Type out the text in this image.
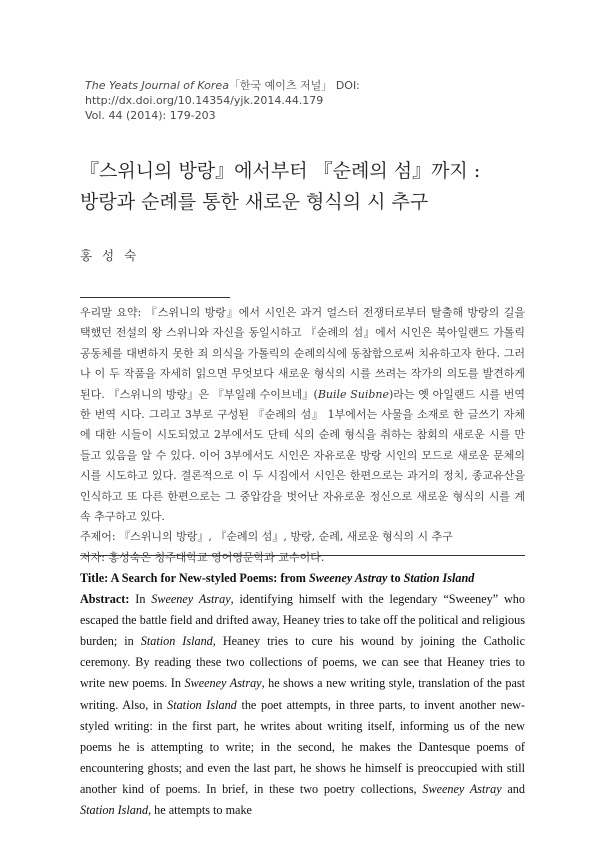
The Yeats Journal of Korea「한국 예이츠 저널」 DOI: http://dx.doi.org/10.14354/yjk.2014.44.179
Vol. 44 (2014): 179-203
『스위니의 방랑』에서부터 『순례의 섬』까지 :
방랑과 순례를 통한 새로운 형식의 시 추구
홍 성 숙

우리말 요약: 『스위니의 방랑』에서 시인은 과거 얼스터 전쟁터로부터 탈출해 방랑의 길을 택했던 전설의 왕 스위니와 자신을 동일시하고 『순례의 섬』에서 시인은 북아일랜드 가톨릭 공동체를 대변하지 못한 죄 의식을 가톨릭의 순례의식에 동참함으로써 치유하고자 한다. 그러나 이 두 작품을 자세히 읽으면 무엇보다 새로운 형식의 시를 쓰려는 작가의 의도를 발견하게 된다. 『스위니의 방랑』은 『부일레 수이브네』(Buile Suibne)라는 옛 아일랜드 시를 번역한 번역 시다. 그리고 3부로 구성된 『순례의 섬』 1부에서는 사물을 소재로 한 글쓰기 자체에 대한 시들이 시도되었고 2부에서도 단테 식의 순례 형식을 취하는 참회의 새로운 시를 만들고 있음을 알 수 있다. 이어 3부에서도 시인은 자유로운 방랑 시인의 모드로 새로운 문체의 시를 시도하고 있다. 결론적으로 이 두 시집에서 시인은 한편으로는 과거의 정치, 종교유산을 인식하고 또 다른 한편으로는 그 중압감을 벗어난 자유로운 정신으로 새로운 형식의 시를 계속 추구하고 있다.

주제어: 『스위니의 방랑』, 『순례의 섬』, 방랑, 순례, 새로운 형식의 시 추구

저자: 홍성숙은 청주대학교 영어영문학과 교수이다.

Title: A Search for New-styled Poems: from Sweeney Astray to Station Island

Abstract: In Sweeney Astray, identifying himself with the legendary “Sweeney” who escaped the battle field and drifted away, Heaney tries to take off the political and religious burden; in Station Island, Heaney tries to cure his wound by joining the Catholic ceremony. By reading these two collections of poems, we can see that Heaney tries to write new poems. In Sweeney Astray, he shows a new writing style, translation of the past writing. Also, in Station Island the poet attempts, in three parts, to invent another new-styled writing: in the first part, he writes about writing itself, informing us of the new poems he is attempting to write; in the second, he makes the Dantesque poems of encountering ghosts; and even the last part, he shows he himself is preoccupied with still another kind of poems. In brief, in these two poetry collections, Sweeney Astray and Station Island, he attempts to make
